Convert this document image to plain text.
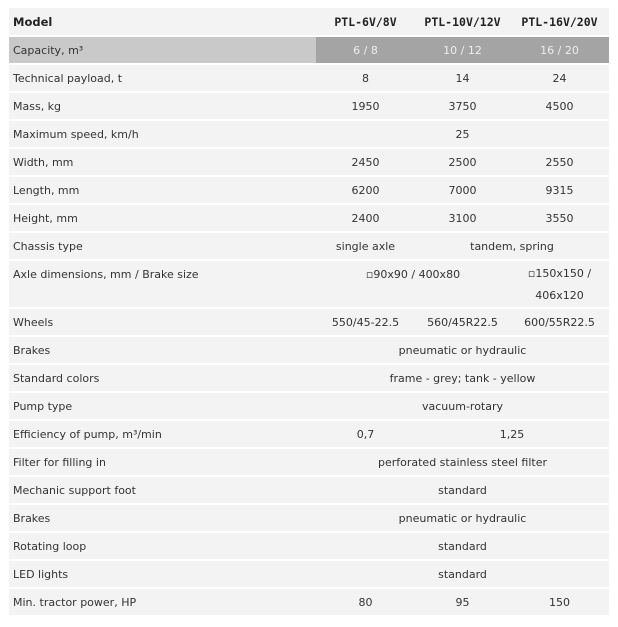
Model	PTL-6V/8V	PTL-10V/12V	PTL-16V/20V
Capacity, m³	6 / 8	10 / 12	16 / 20
Technical payload, t	8	14	24
Mass, kg	1950	3750	4500
Maximum speed, km/h	25		
Width, mm	2450	2500	2550
Length, mm	6200	7000	9315
Height, mm	2400	3100	3550
Chassis type	single axle	tandem, spring	
Axle dimensions, mm / Brake size	▫90x90 / 400x80		▫150x150 / 406x120
Wheels	550/45-22.5	560/45R22.5	600/55R22.5
Brakes	pneumatic or hydraulic		
Standard colors	frame - grey; tank - yellow		
Pump type	vacuum-rotary		
Efficiency of pump, m³/min	0,7	1,25	
Filter for filling in	perforated stainless steel filter		
Mechanic support foot	standard		
Brakes	pneumatic or hydraulic		
Rotating loop	standard		
LED lights	standard		
Min. tractor power, HP	80	95	150
